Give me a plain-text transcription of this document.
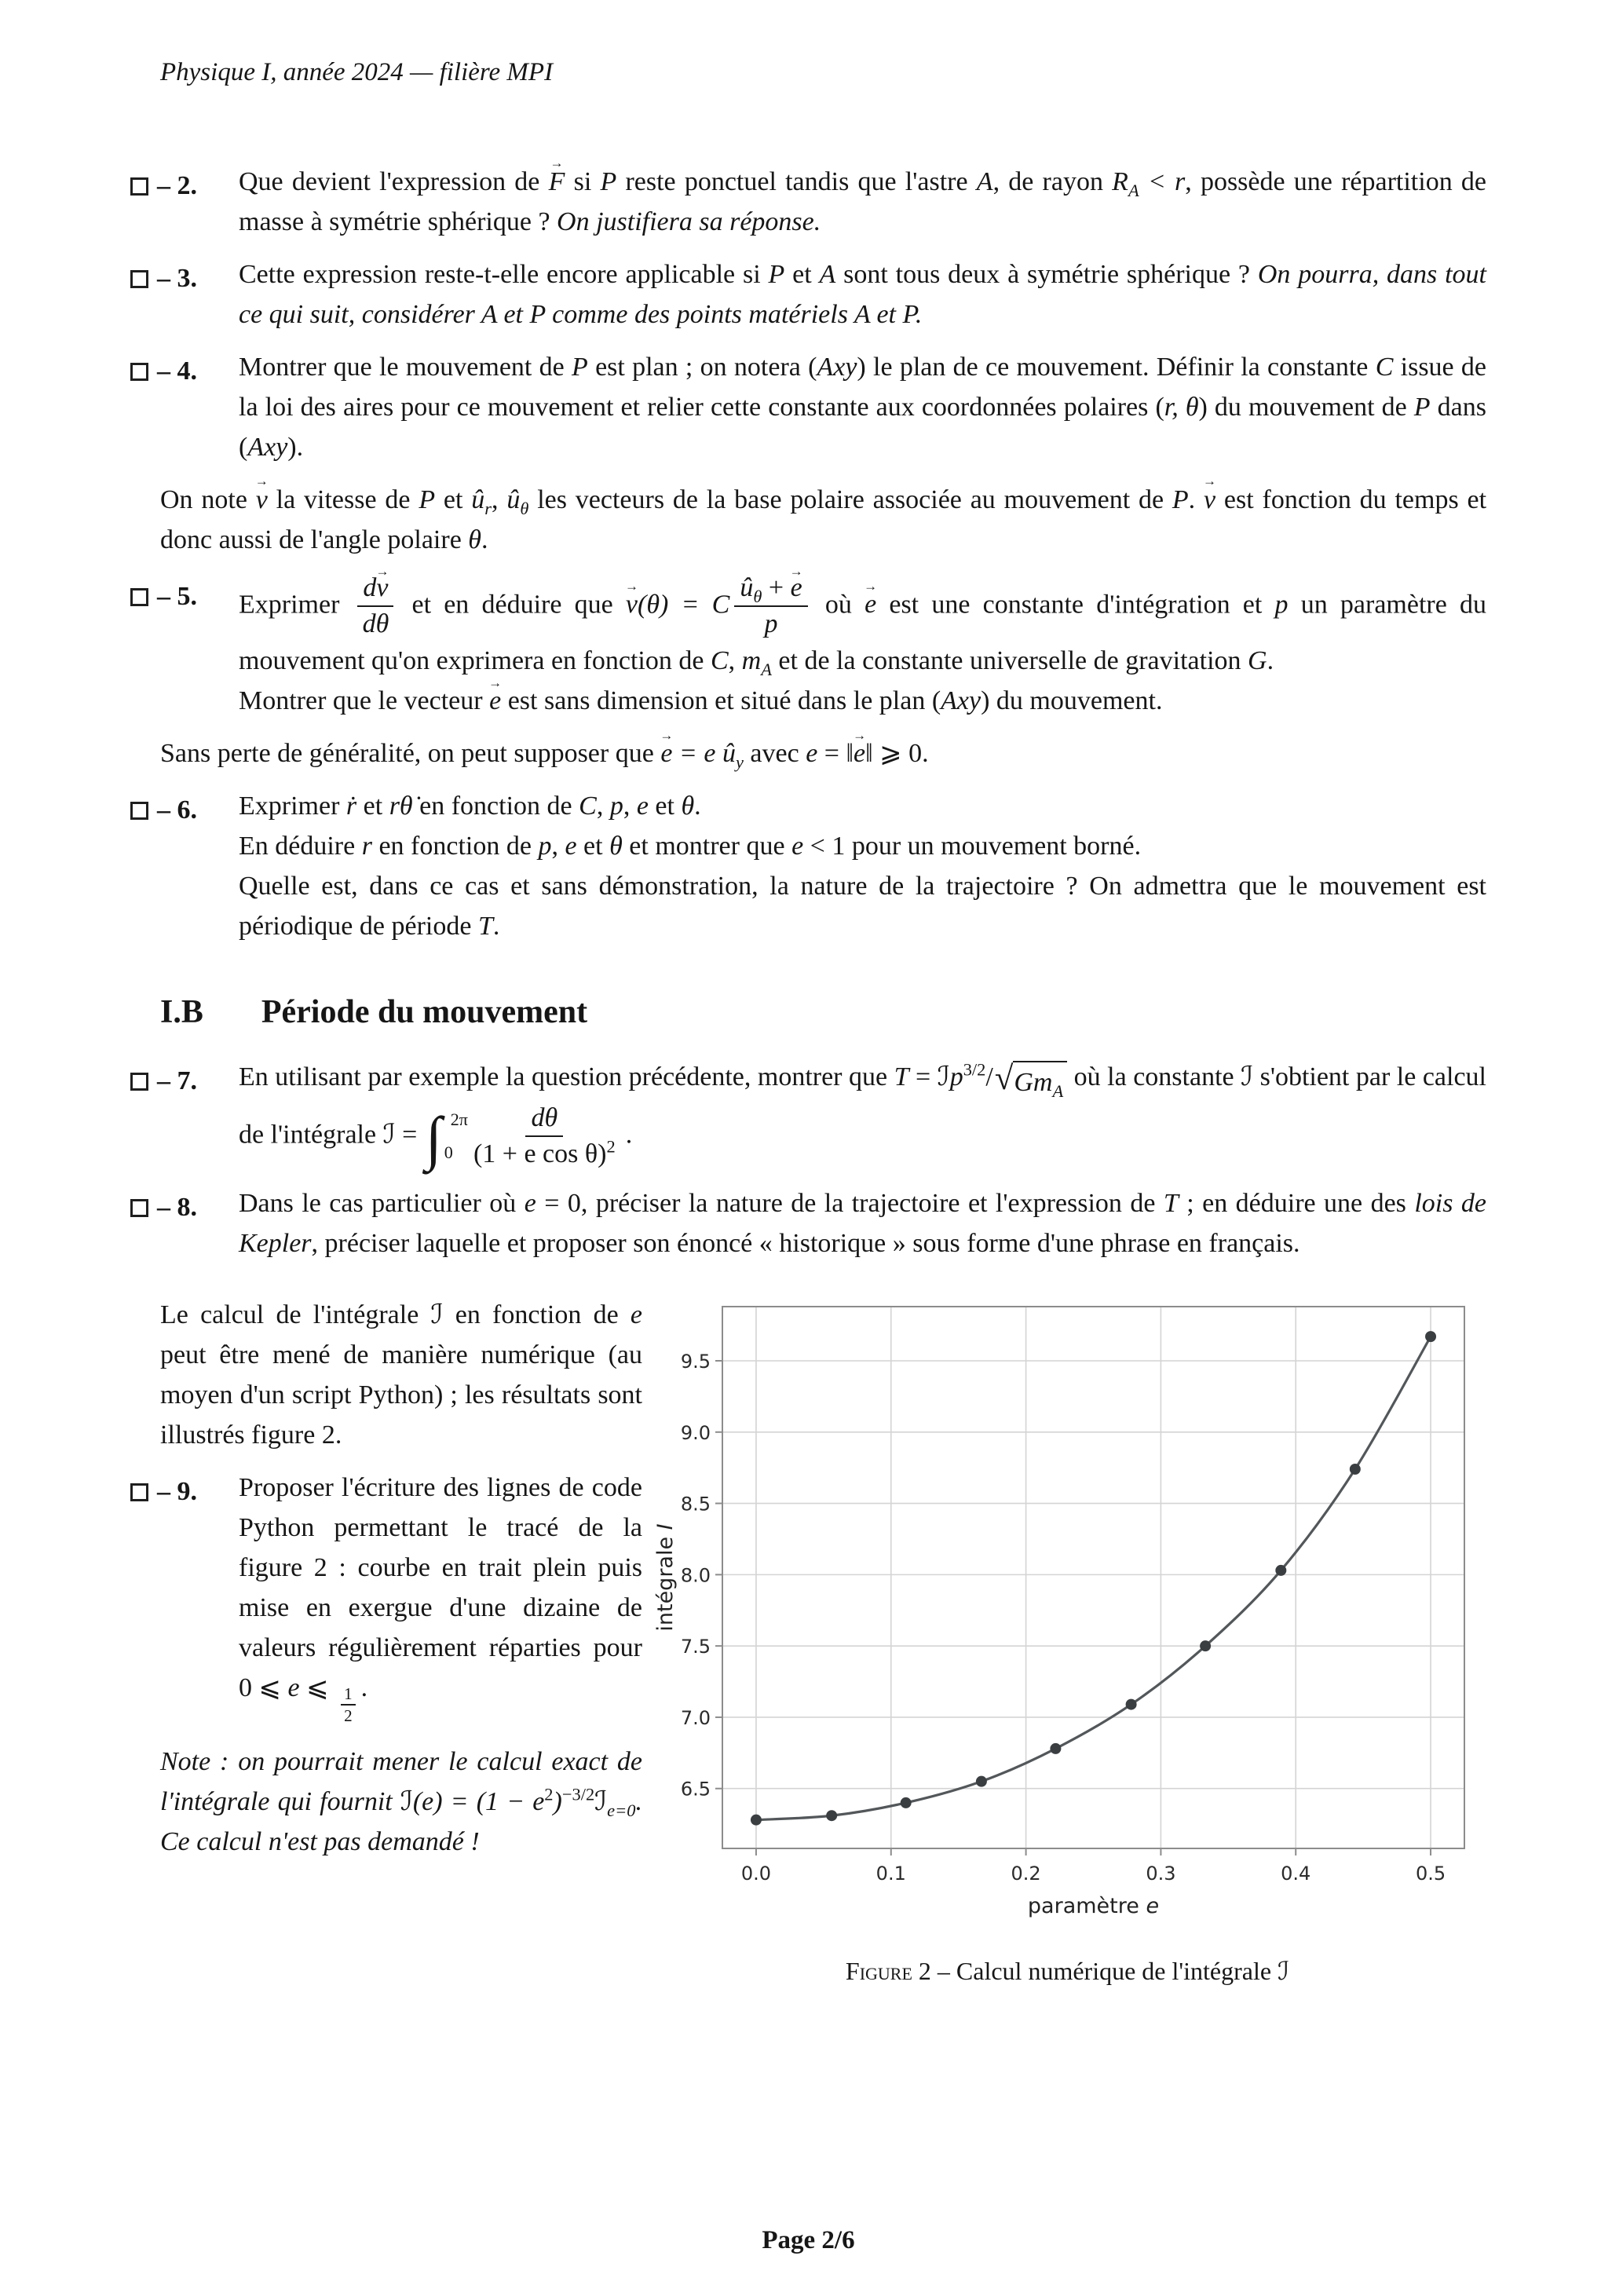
Physique I, année 2024 — filière MPI
– 2. Que devient l'expression de F → si P reste ponctuel tandis que l'astre A, de rayon $R_A < r$, possède une répartition de masse à symétrie sphérique ? On justifiera sa réponse.
– 3. Cette expression reste-t-elle encore applicable si P et A sont tous deux à symétrie sphérique ? On pourra, dans tout ce qui suit, considérer A et P comme des points matériels A et P.
– 4. Montrer que le mouvement de P est plan ; on notera (Axy) le plan de ce mouvement. Définir la constante C issue de la loi des aires pour ce mouvement et relier cette constante aux coordonnées polaires (r, θ) du mouvement de P dans (Axy).
On note v → la vitesse de P et $û_r$, $û_\theta$ les vecteurs de la base polaire associée au mouvement de P. v → est fonction du temps et donc aussi de l'angle polaire θ.
– 5. Exprimer $\frac{dv \to}{d\theta}$ et en déduire que v →(θ) = C $\frac{û_\theta + e \to}{p}$ où e → est une constante d'intégration et p un paramètre du mouvement qu'on exprimera en fonction de C, $m_A$ et de la constante universelle de gravitation G.
Montrer que le vecteur e → est sans dimension et situé dans le plan (Axy) du mouvement.
Sans perte de généralité, on peut supposer que e → = e $û_y$ avec e = ‖e →‖ ⩾ 0.
– 6. Exprimer ṙ et rθ̇ en fonction de C, p, e et θ.
En déduire r en fonction de p, e et θ et montrer que e < 1 pour un mouvement borné.
Quelle est, dans ce cas et sans démonstration, la nature de la trajectoire ? On admettra que le mouvement est périodique de période T.
I.B Période du mouvement
– 7. En utilisant par exemple la question précédente, montrer que T = ℐp$^{3/2}$/ √ $Gm_A$ où la constante ℐ s'obtient par le calcul de l'intégrale ℐ = ∫ 2π
$0 \frac{d\theta}{(1 + e \cos \theta)^2}$ .
– 8. Dans le cas particulier où e = 0, préciser la nature de la trajectoire et l'expression de T ; en déduire une des lois de Kepler, préciser laquelle et proposer son énoncé « historique » sous forme d'une phrase en français.
Le calcul de l'intégrale ℐ en fonction de e peut être mené de manière numérique (au moyen d'un script Python) ; les résultats sont illustrés figure 2.
– 9. Proposer l'écriture des lignes de code Python permettant le tracé de la figure 2 : courbe en trait plein puis mise en exergue d'une dizaine de valeurs régulièrement réparties pour 0 ⩽ e ⩽ $\frac{1}{2}$ .
Note : on pourrait mener le calcul exact de l'intégrale qui fournit ℐ(e) = $(1 - e^2)^{-3/2}ℐ_{e=0}$. Ce calcul n'est pas demandé !
0.0	0.1	0.2	0.3	0.4	0.5
6.5
7.0
7.5
8.0
8.5
9.0
9.5
paramètre e
intégrale I
Figure 2 – Calcul numérique de l'intégrale ℐ
Page 2/6
